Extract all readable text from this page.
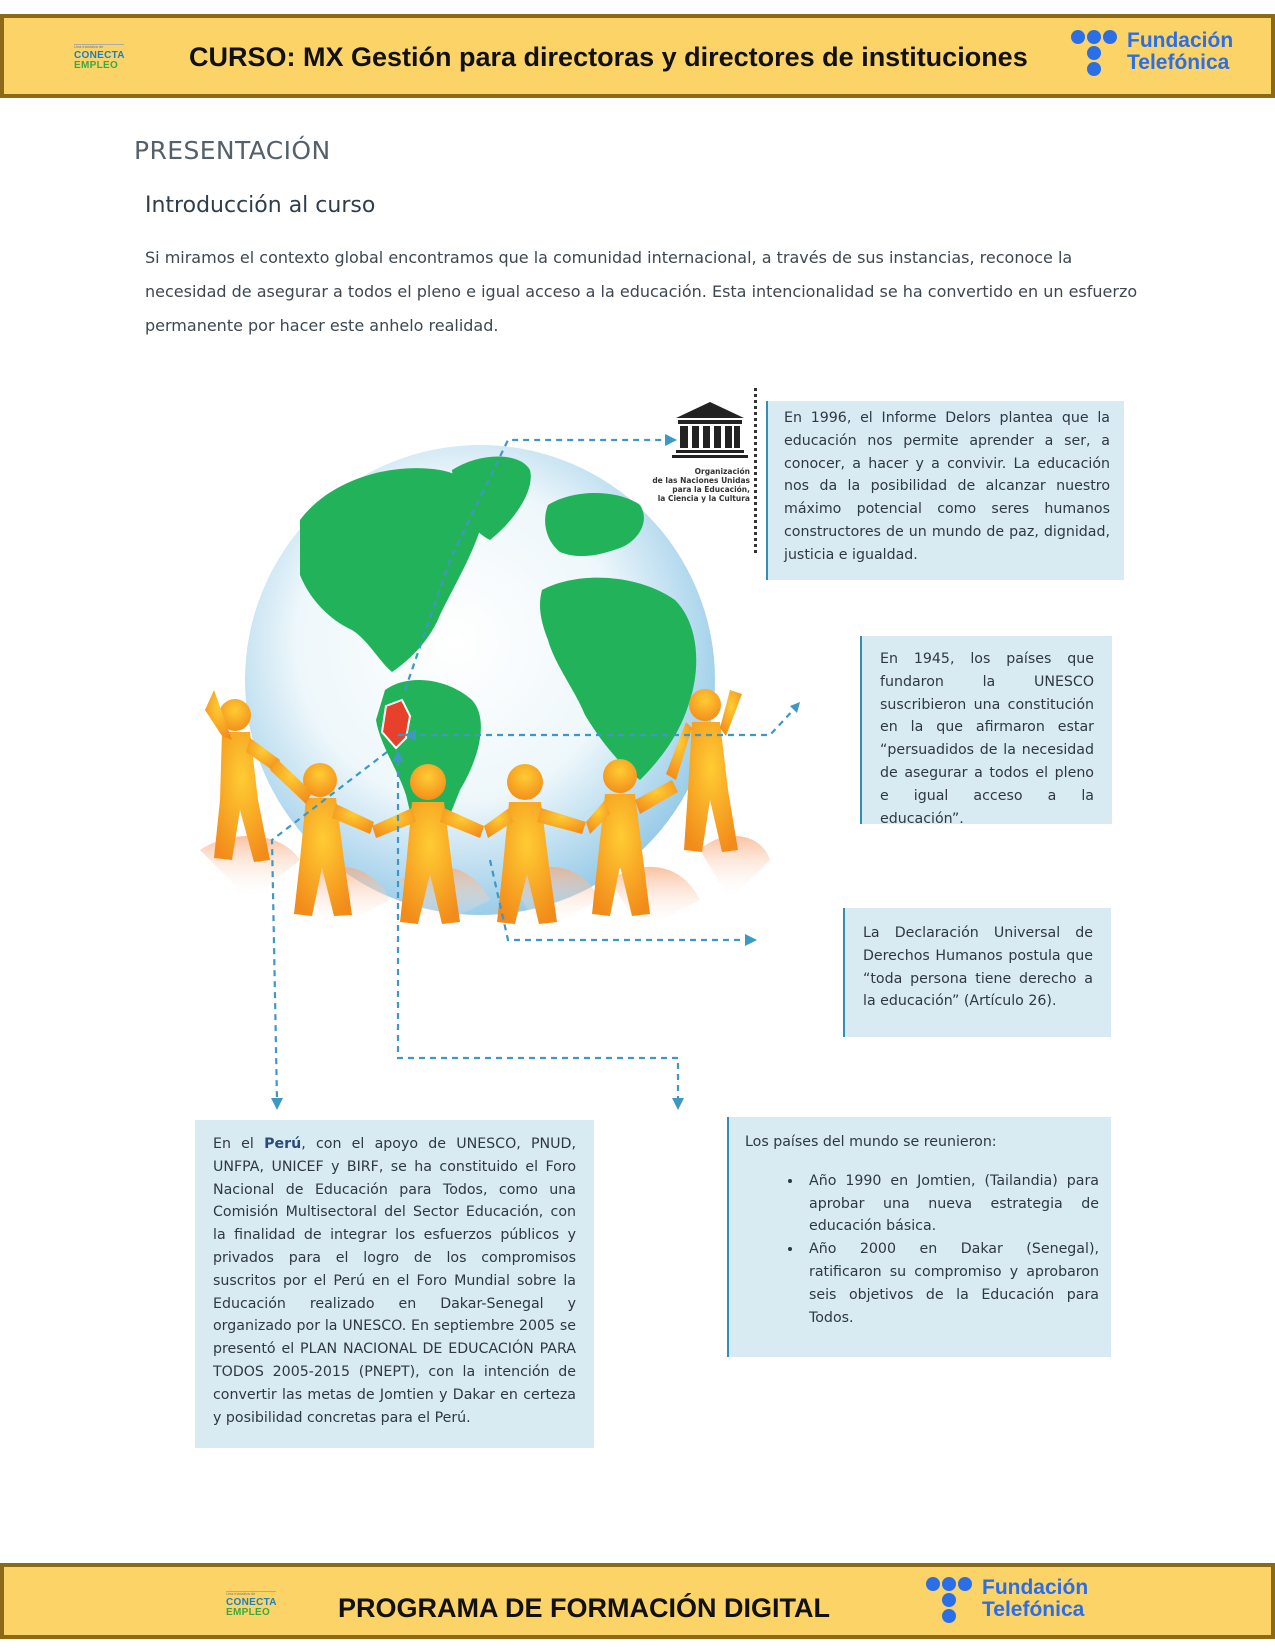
Una iniciativa de
CONECTA
EMPLEO	CURSO: MX Gestión para directoras y directores de instituciones
Fundación
Telefónica
PRESENTACIÓN
Introducción al curso

Si miramos el contexto global encontramos que la comunidad internacional, a través de sus instancias, reconoce la necesidad de asegurar a todos el pleno e igual acceso a la educación. Esta intencionalidad se ha convertido en un esfuerzo permanente por hacer este anhelo realidad.

Organización
de las Naciones Unidas
para la Educación,
la Ciencia y la Cultura
En 1996, el Informe Delors plantea que la educación nos permite aprender a ser, a conocer, a hacer y a convivir. La educación nos da la posibilidad de alcanzar nuestro máximo potencial como seres humanos constructores de un mundo de paz, dignidad, justicia e igualdad.
En 1945, los países que fundaron la UNESCO suscribieron una constitución en la que afirmaron estar “persuadidos de la necesidad de asegurar a todos el pleno e igual acceso a la educación”.
La Declaración Universal de Derechos Humanos postula que “toda persona tiene derecho a la educación” (Artículo 26).
En el Perú, con el apoyo de UNESCO, PNUD, UNFPA, UNICEF y BIRF, se ha constituido el Foro Nacional de Educación para Todos, como una Comisión Multisectoral del Sector Educación, con la finalidad de integrar los esfuerzos públicos y privados para el logro de los compromisos suscritos por el Perú en el Foro Mundial sobre la Educación realizado en Dakar-Senegal y organizado por la UNESCO. En septiembre 2005 se presentó el PLAN NACIONAL DE EDUCACIÓN PARA TODOS 2005-2015 (PNEPT), con la intención de convertir las metas de Jomtien y Dakar en certeza y posibilidad concretas para el Perú.
Los países del mundo se reunieron:
• Año 1990 en Jomtien, (Tailandia) para aprobar una nueva estrategia de educación básica.
• Año 2000 en Dakar (Senegal), ratificaron su compromiso y aprobaron seis objetivos de la Educación para Todos.
Una iniciativa de
CONECTA
EMPLEO	PROGRAMA DE FORMACIÓN DIGITAL
Fundación
Telefónica
